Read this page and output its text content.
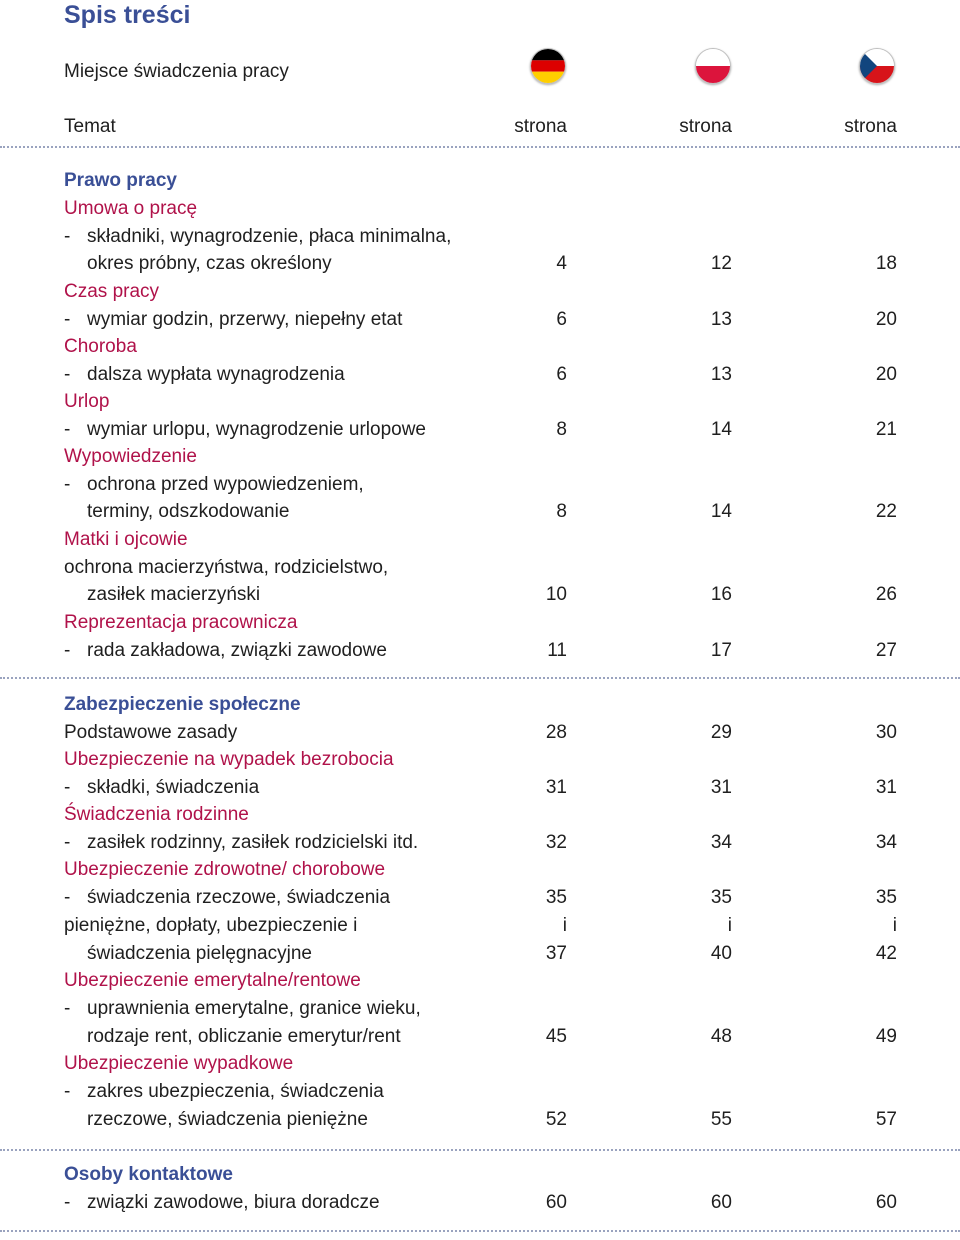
Spis treści
Miejsce świadczenia pracy
Temat	strona	strona	strona
Prawo pracy
Umowa o pracę
- składniki, wynagrodzenie, płaca minimalna,
okres próbny, czas określony	4	12	18
Czas pracy
- wymiar godzin, przerwy, niepełny etat	6	13	20
Choroba
- dalsza wypłata wynagrodzenia	6	13	20
Urlop
- wymiar urlopu, wynagrodzenie urlopowe	8	14	21
Wypowiedzenie
- ochrona przed wypowiedzeniem,
terminy, odszkodowanie	8	14	22
Matki i ojcowie
ochrona macierzyństwa, rodzicielstwo,
zasiłek macierzyński	10	16	26
Reprezentacja pracownicza
- rada zakładowa, związki zawodowe	11	17	27
Zabezpieczenie społeczne
Podstawowe zasady	28	29	30
Ubezpieczenie na wypadek bezrobocia
- składki, świadczenia	31	31	31
Świadczenia rodzinne
- zasiłek rodzinny, zasiłek rodzicielski itd.	32	34	34
Ubezpieczenie zdrowotne/ chorobowe
- świadczenia rzeczowe, świadczenia	35	35	35
pieniężne, dopłaty, ubezpieczenie i	i	i	i
świadczenia pielęgnacyjne	37	40	42
Ubezpieczenie emerytalne/rentowe
- uprawnienia emerytalne, granice wieku,
rodzaje rent, obliczanie emerytur/rent	45	48	49
Ubezpieczenie wypadkowe
- zakres ubezpieczenia, świadczenia
rzeczowe, świadczenia pieniężne	52	55	57
Osoby kontaktowe
- związki zawodowe, biura doradcze	60	60	60
